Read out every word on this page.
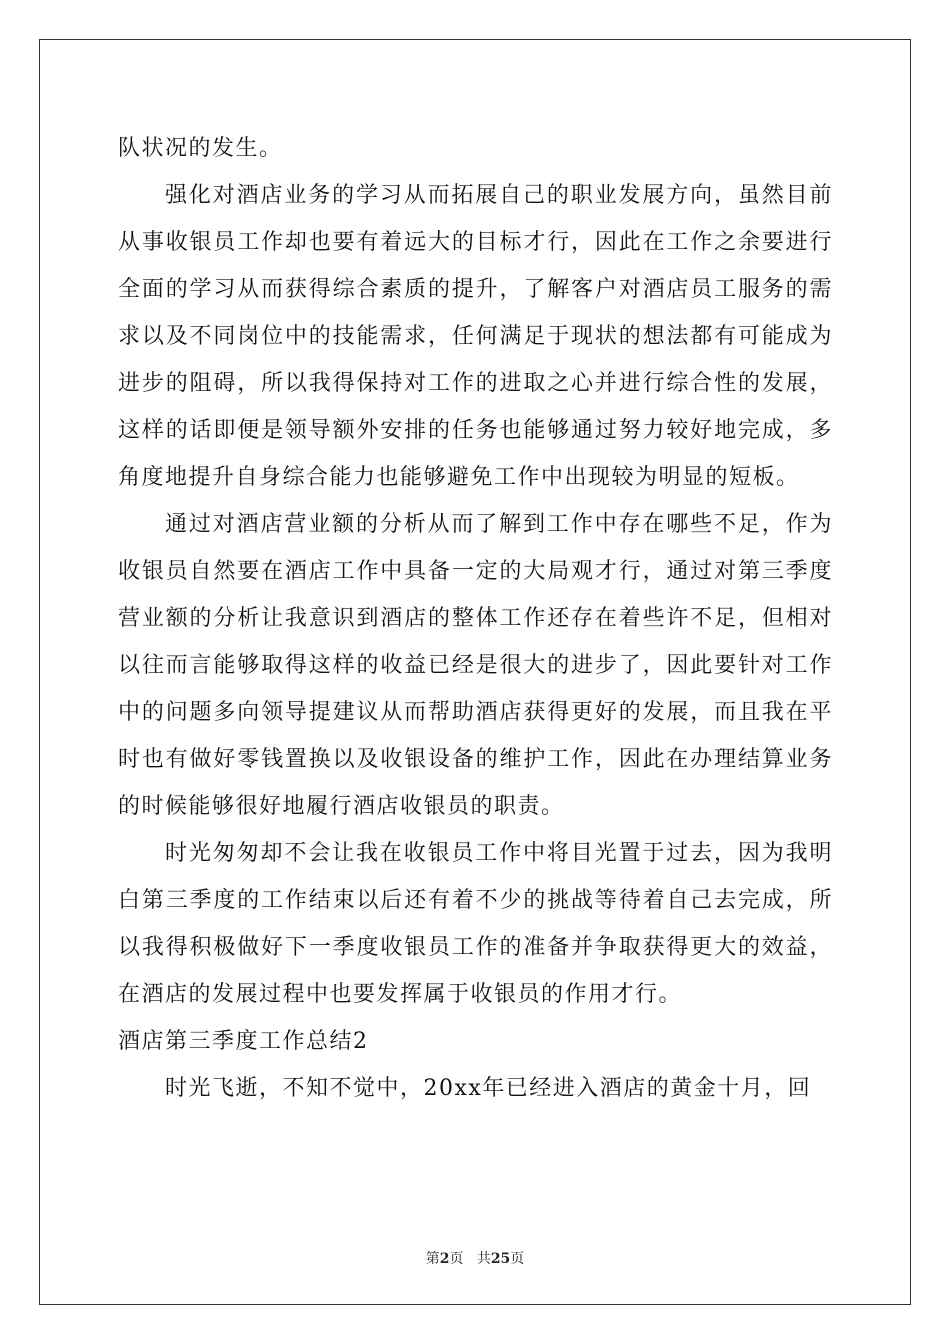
队状况的发生。

强化对酒店业务的学习从而拓展自己的职业发展方向，虽然目前从事收银员工作却也要有着远大的目标才行，因此在工作之余要进行全面的学习从而获得综合素质的提升，了解客户对酒店员工服务的需求以及不同岗位中的技能需求，任何满足于现状的想法都有可能成为进步的阻碍，所以我得保持对工作的进取之心并进行综合性的发展，这样的话即便是领导额外安排的任务也能够通过努力较好地完成，多角度地提升自身综合能力也能够避免工作中出现较为明显的短板。

通过对酒店营业额的分析从而了解到工作中存在哪些不足，作为收银员自然要在酒店工作中具备一定的大局观才行，通过对第三季度营业额的分析让我意识到酒店的整体工作还存在着些许不足，但相对以往而言能够取得这样的收益已经是很大的进步了，因此要针对工作中的问题多向领导提建议从而帮助酒店获得更好的发展，而且我在平时也有做好零钱置换以及收银设备的维护工作，因此在办理结算业务的时候能够很好地履行酒店收银员的职责。

时光匆匆却不会让我在收银员工作中将目光置于过去，因为我明白第三季度的工作结束以后还有着不少的挑战等待着自己去完成，所以我得积极做好下一季度收银员工作的准备并争取获得更大的效益，在酒店的发展过程中也要发挥属于收银员的作用才行。

酒店第三季度工作总结2

时光飞逝，不知不觉中，20xx年已经进入酒店的黄金十月，回

第2页 共25页
